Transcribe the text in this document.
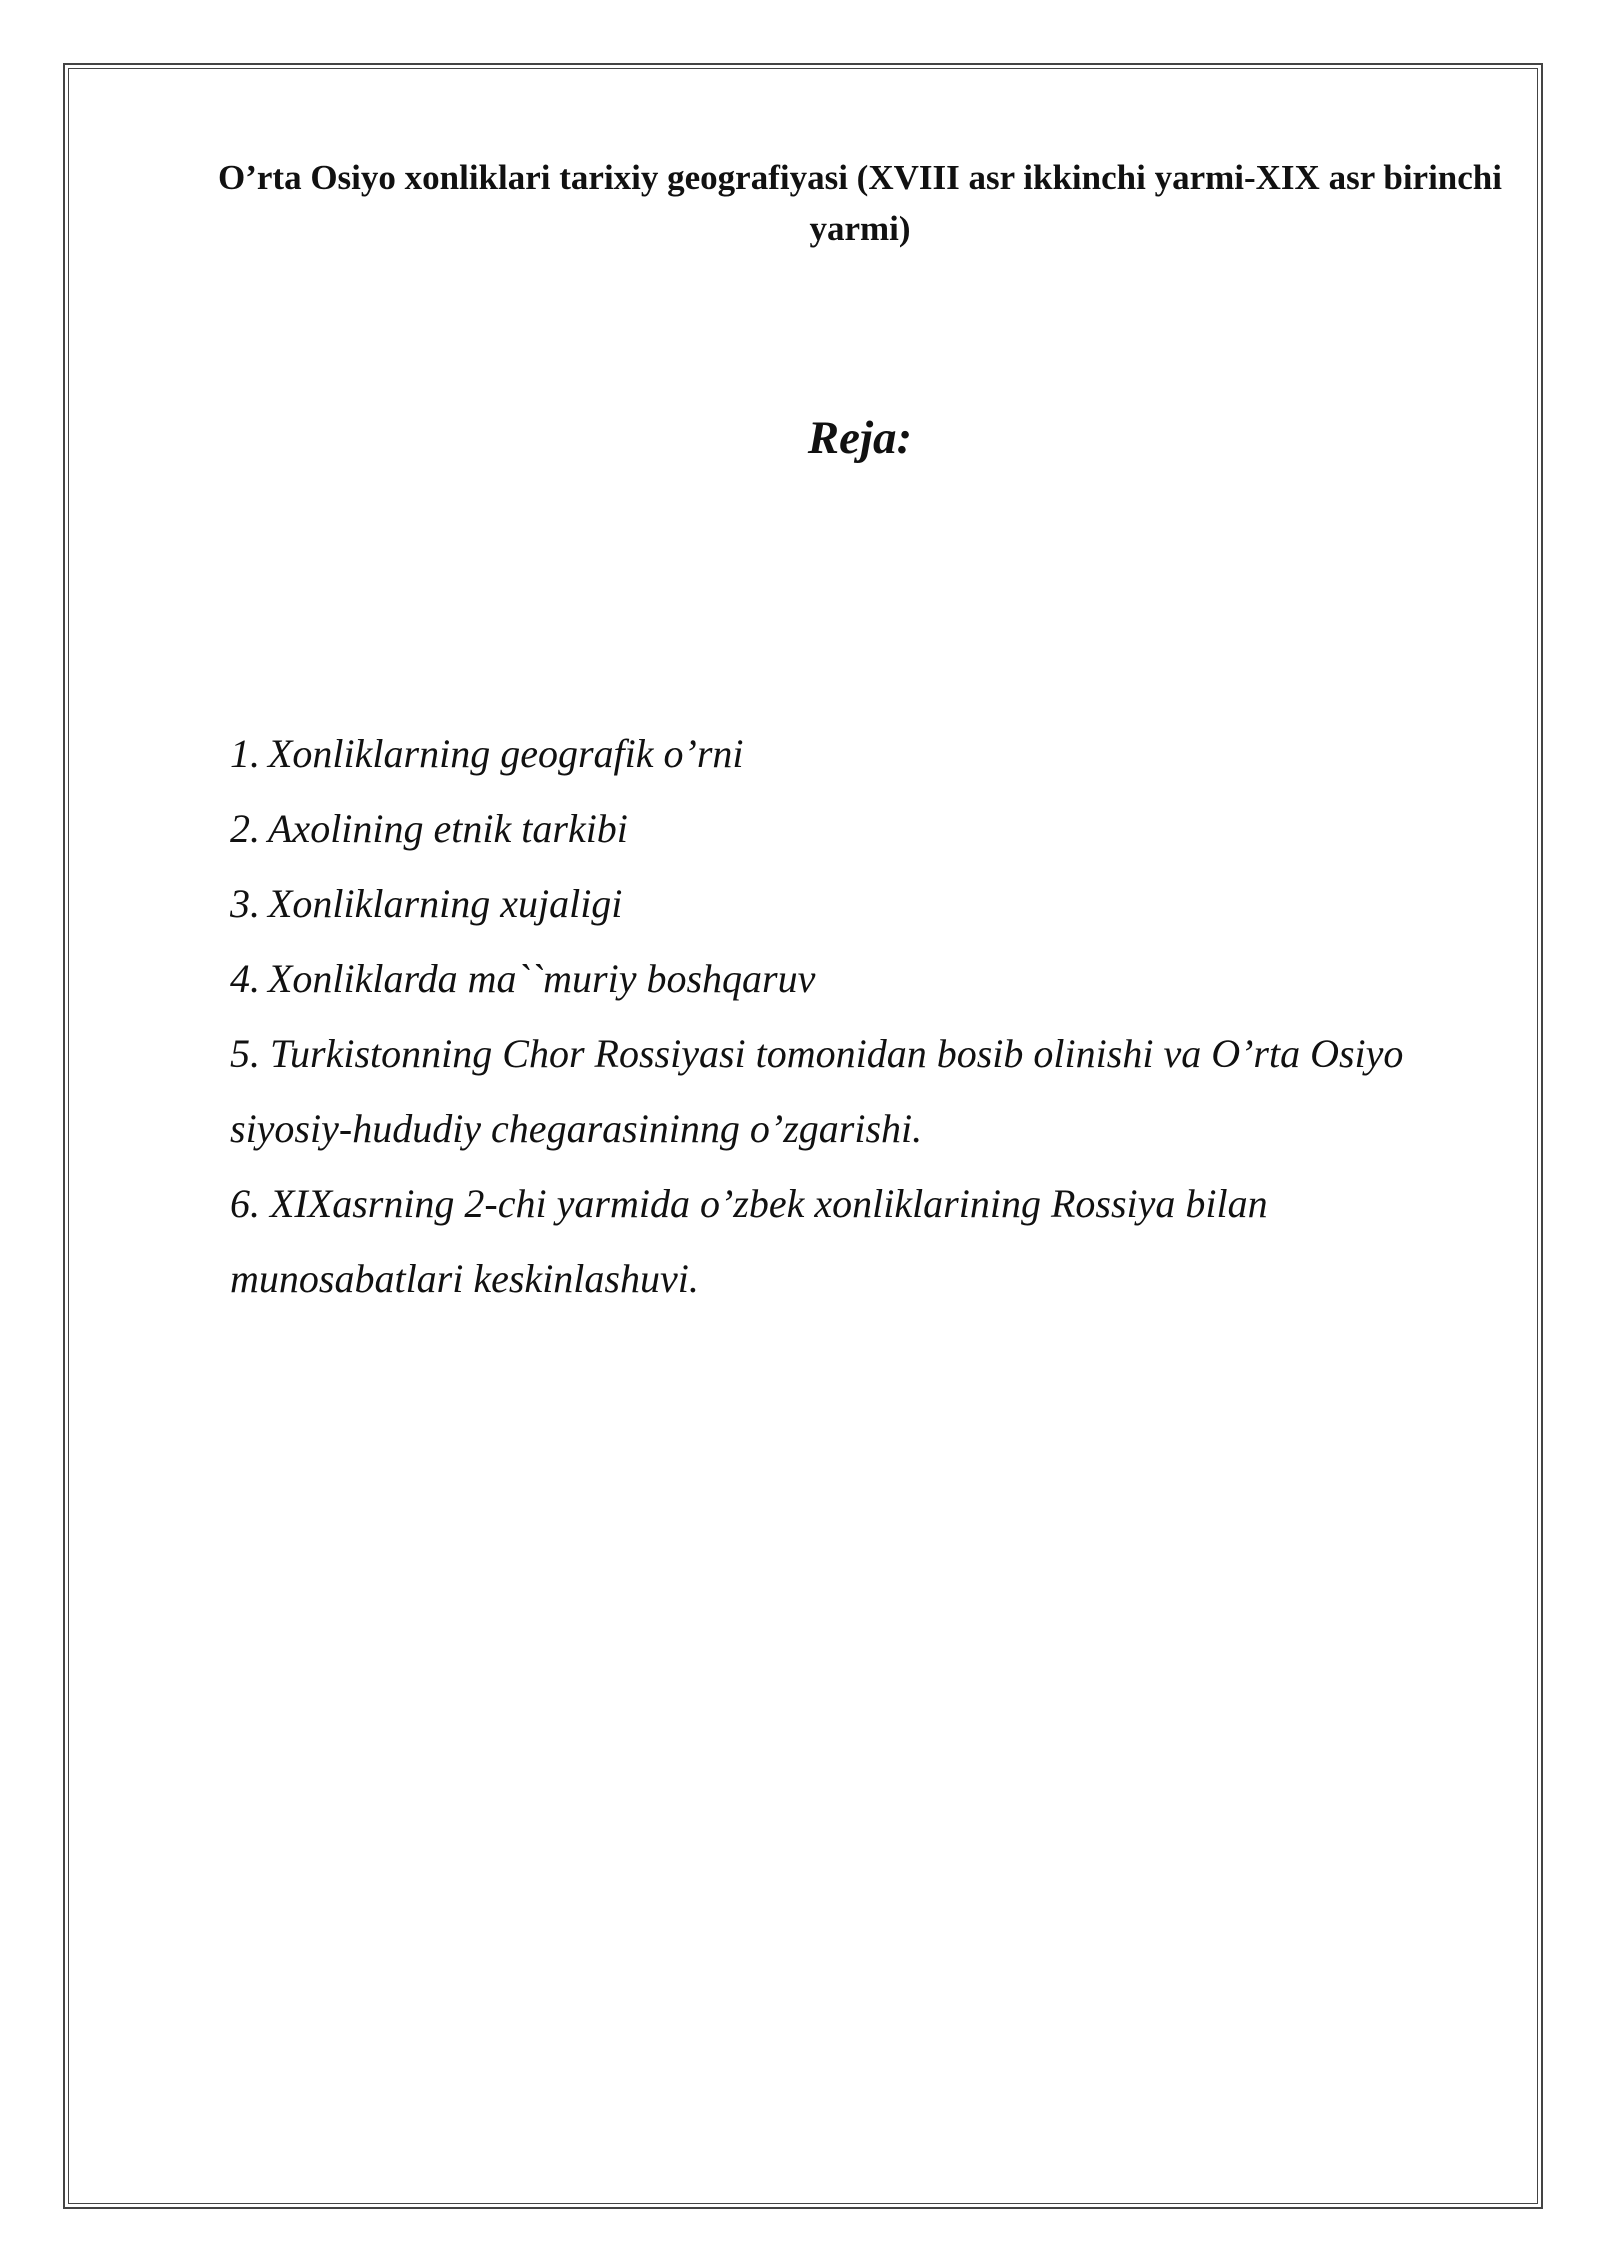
O’rta Osiyo xonliklari tarixiy geografiyasi (XVIII asr ikkinchi yarmi-XIX asr birinchi yarmi)
Reja:
1. Xonliklarning geografik o’rni
2. Axolining etnik tarkibi
3. Xonliklarning xujaligi
4. Xonliklarda ma``muriy boshqaruv
5. Turkistonning Chor Rossiyasi tomonidan bosib olinishi va O’rta Osiyo siyosiy-hududiy chegarasininng o’zgarishi.
6. XIXasrning 2-chi yarmida o’zbek xonliklarining Rossiya bilan munosabatlari keskinlashuvi.
